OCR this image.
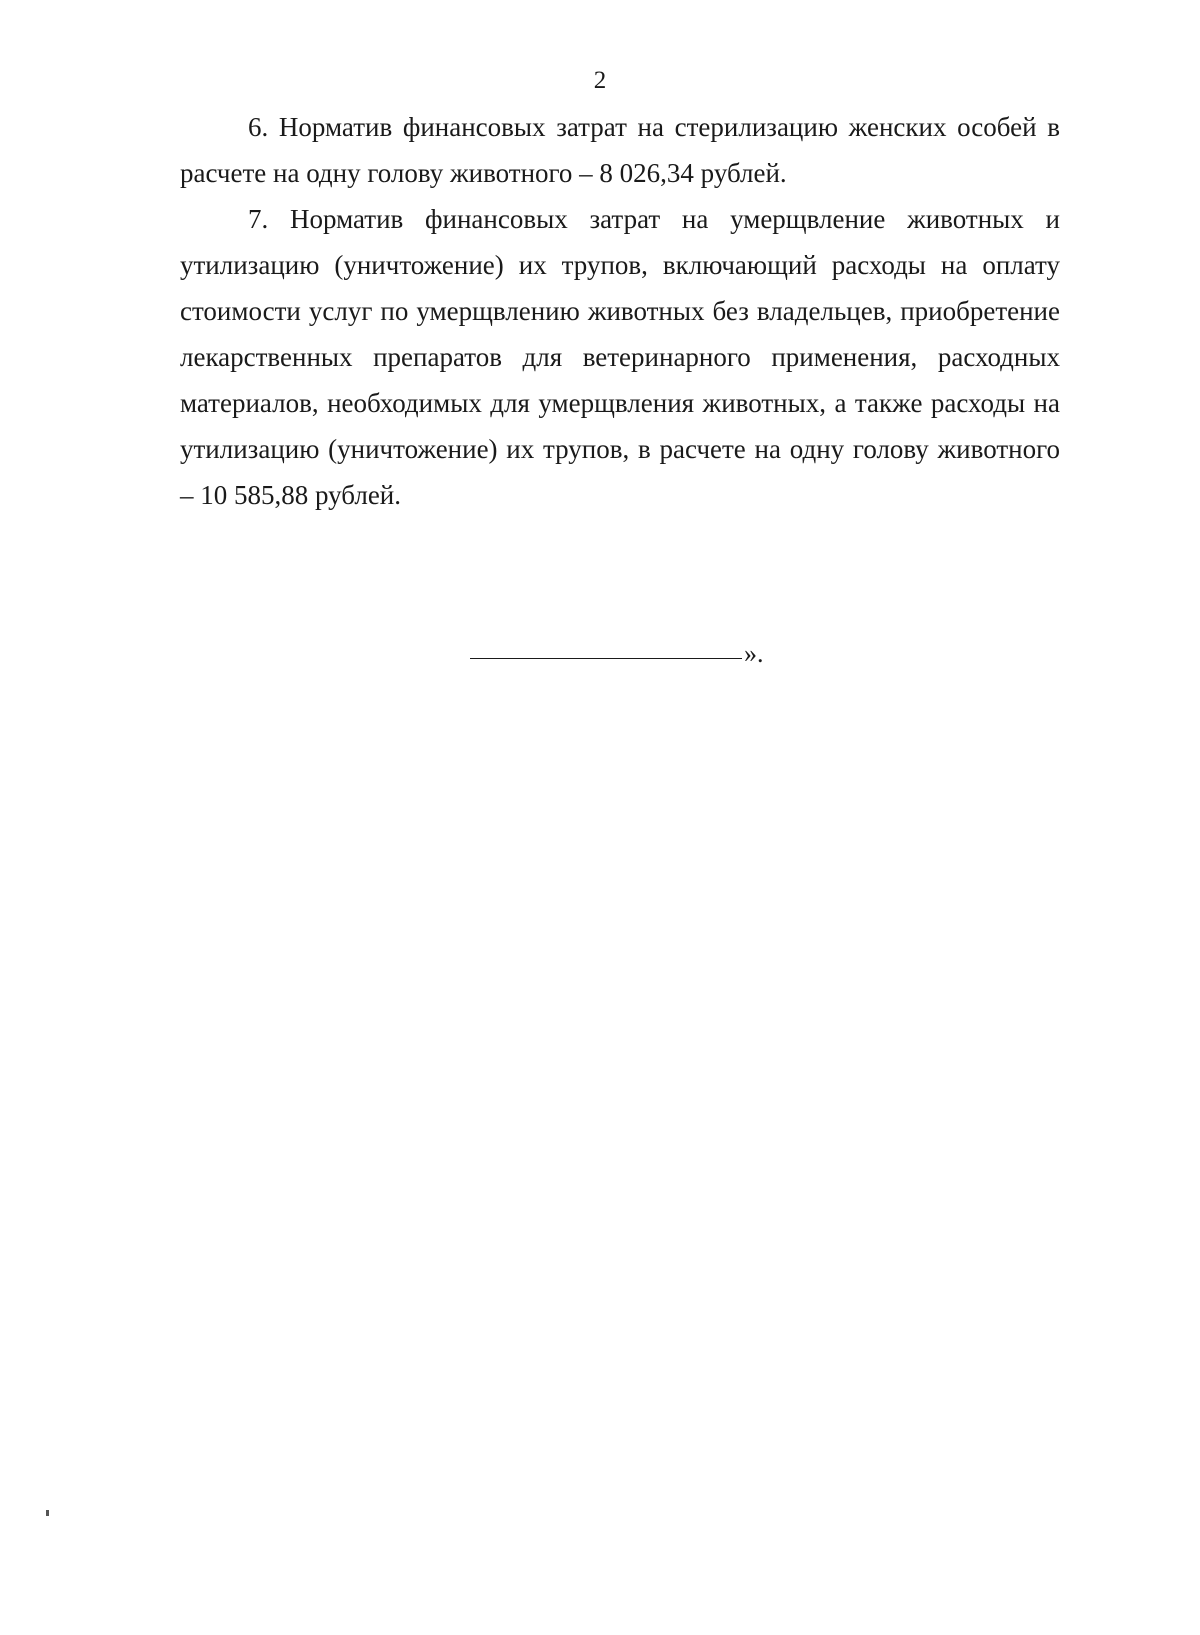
2

6. Норматив финансовых затрат на стерилизацию женских особей в расчете на одну голову животного – 8 026,34 рублей.

7. Норматив финансовых затрат на умерщвление животных и утилизацию (уничтожение) их трупов, включающий расходы на оплату стоимости услуг по умерщвлению животных без владельцев, приобретение лекарственных препаратов для ветеринарного применения, расходных материалов, необходимых для умерщвления животных, а также расходы на утилизацию (уничтожение) их трупов, в расчете на одну голову животного – 10 585,88 рублей.

».
